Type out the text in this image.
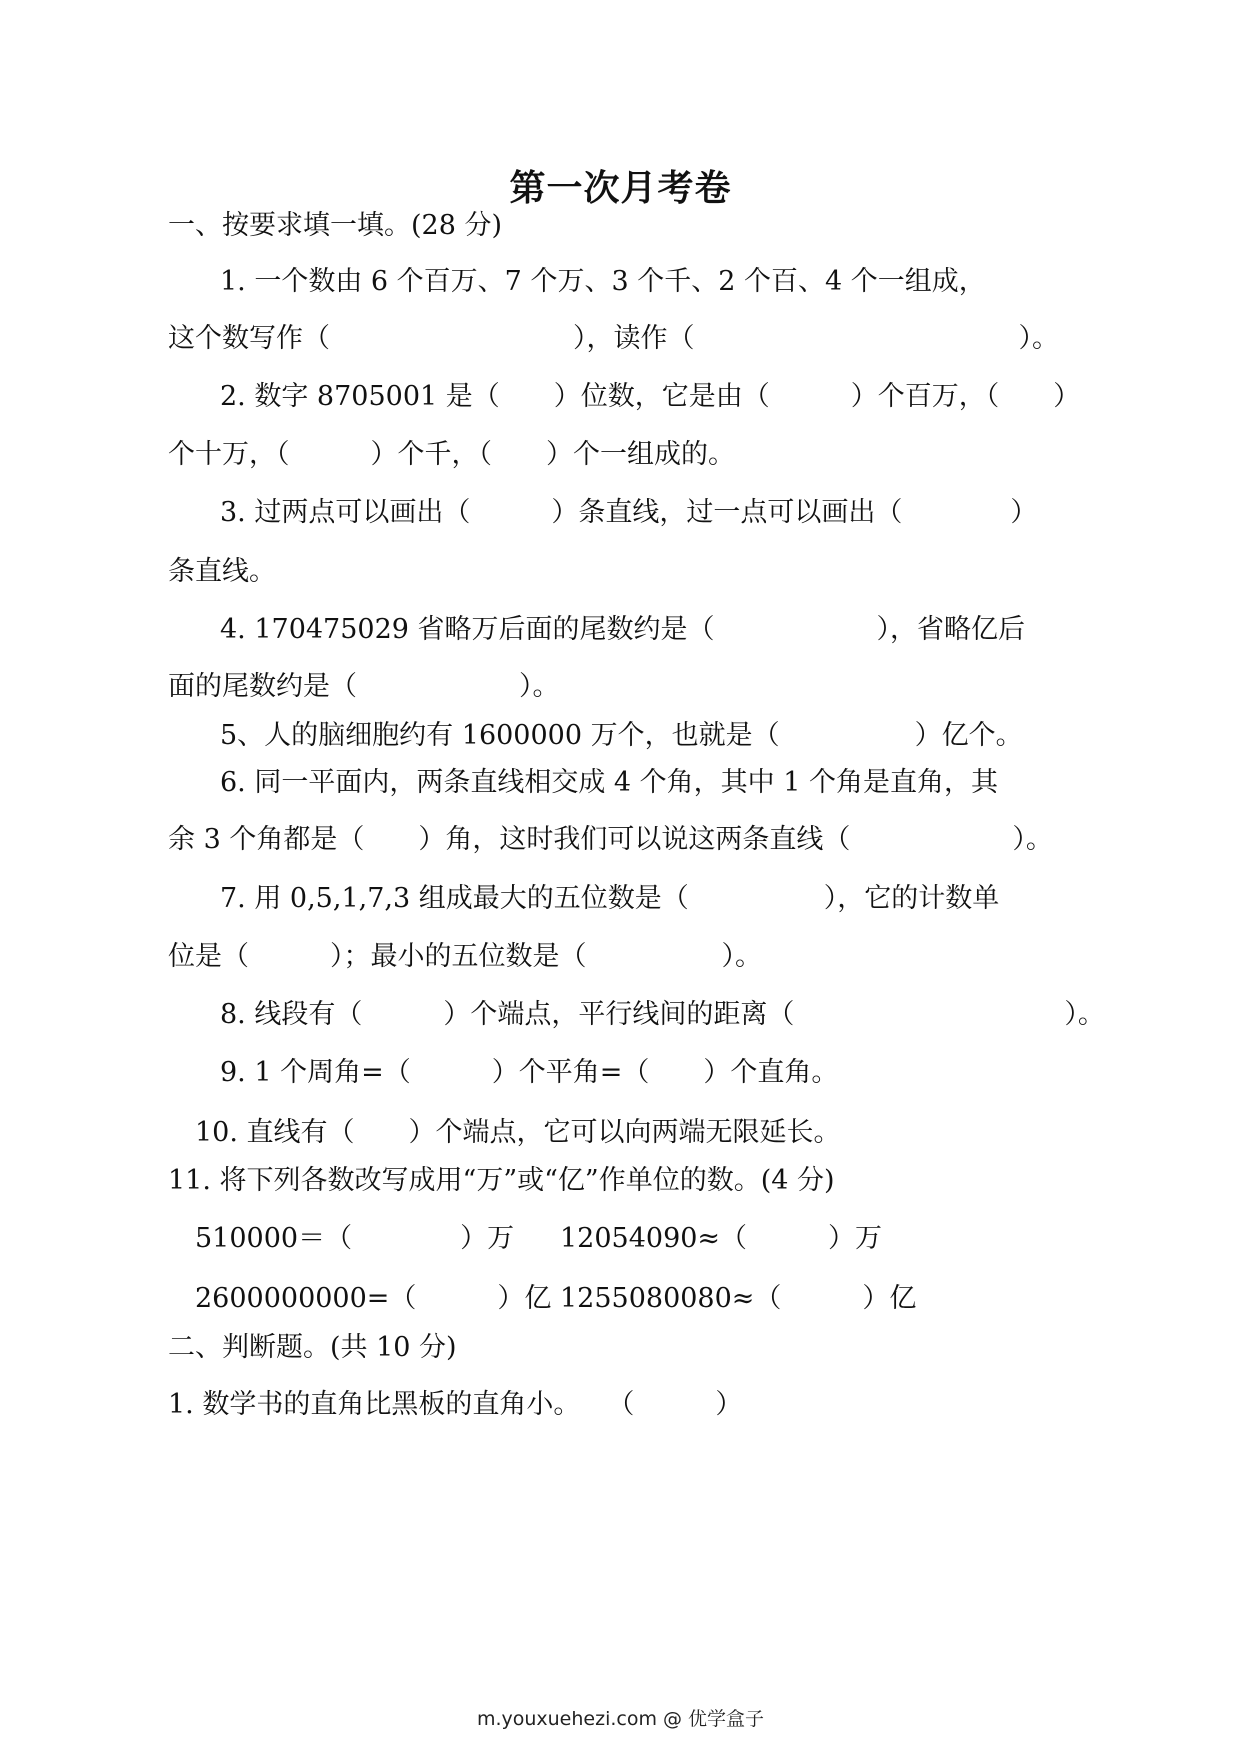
第一次月考卷
一、按要求填一填。(28 分)
1. 一个数由 6 个百万、7 个万、3 个千、2 个百、4 个一组成，
这个数写作（　　　　　　　　　），读作（　　　　　　　　　　　　）。
2. 数字 8705001 是（　　）位数，它是由（　　　）个百万，（　　）
个十万，（　　　）个千，（　　）个一组成的。
3. 过两点可以画出（　　　）条直线，过一点可以画出（　　　　）
条直线。
4. 170475029 省略万后面的尾数约是（　　　　　　），省略亿后
面的尾数约是（　　　　　　）。
5、人的脑细胞约有 1600000 万个，也就是（　　　　　）亿个。
6. 同一平面内，两条直线相交成 4 个角，其中 1 个角是直角，其
余 3 个角都是（　　）角，这时我们可以说这两条直线（　　　　　　）。
7. 用 0,5,1,7,3 组成最大的五位数是（　　　　　），它的计数单
位是（　　　）；最小的五位数是（　　　　　）。
8. 线段有（　　　）个端点，平行线间的距离（　　　　　　　　　　）。
9. 1 个周角=（　　　）个平角=（　　）个直角。
10. 直线有（　　）个端点，它可以向两端无限延长。
11. 将下列各数改写成用“万”或“亿”作单位的数。(4 分)
510000＝（　　　　）万 12054090≈（　　　）万
2600000000=（　　　）亿 1255080080≈（　　　）亿
二、判断题。(共 10 分)
1. 数学书的直角比黑板的直角小。　　（　　　）
m.youxuehezi.com @ 优学盒子
